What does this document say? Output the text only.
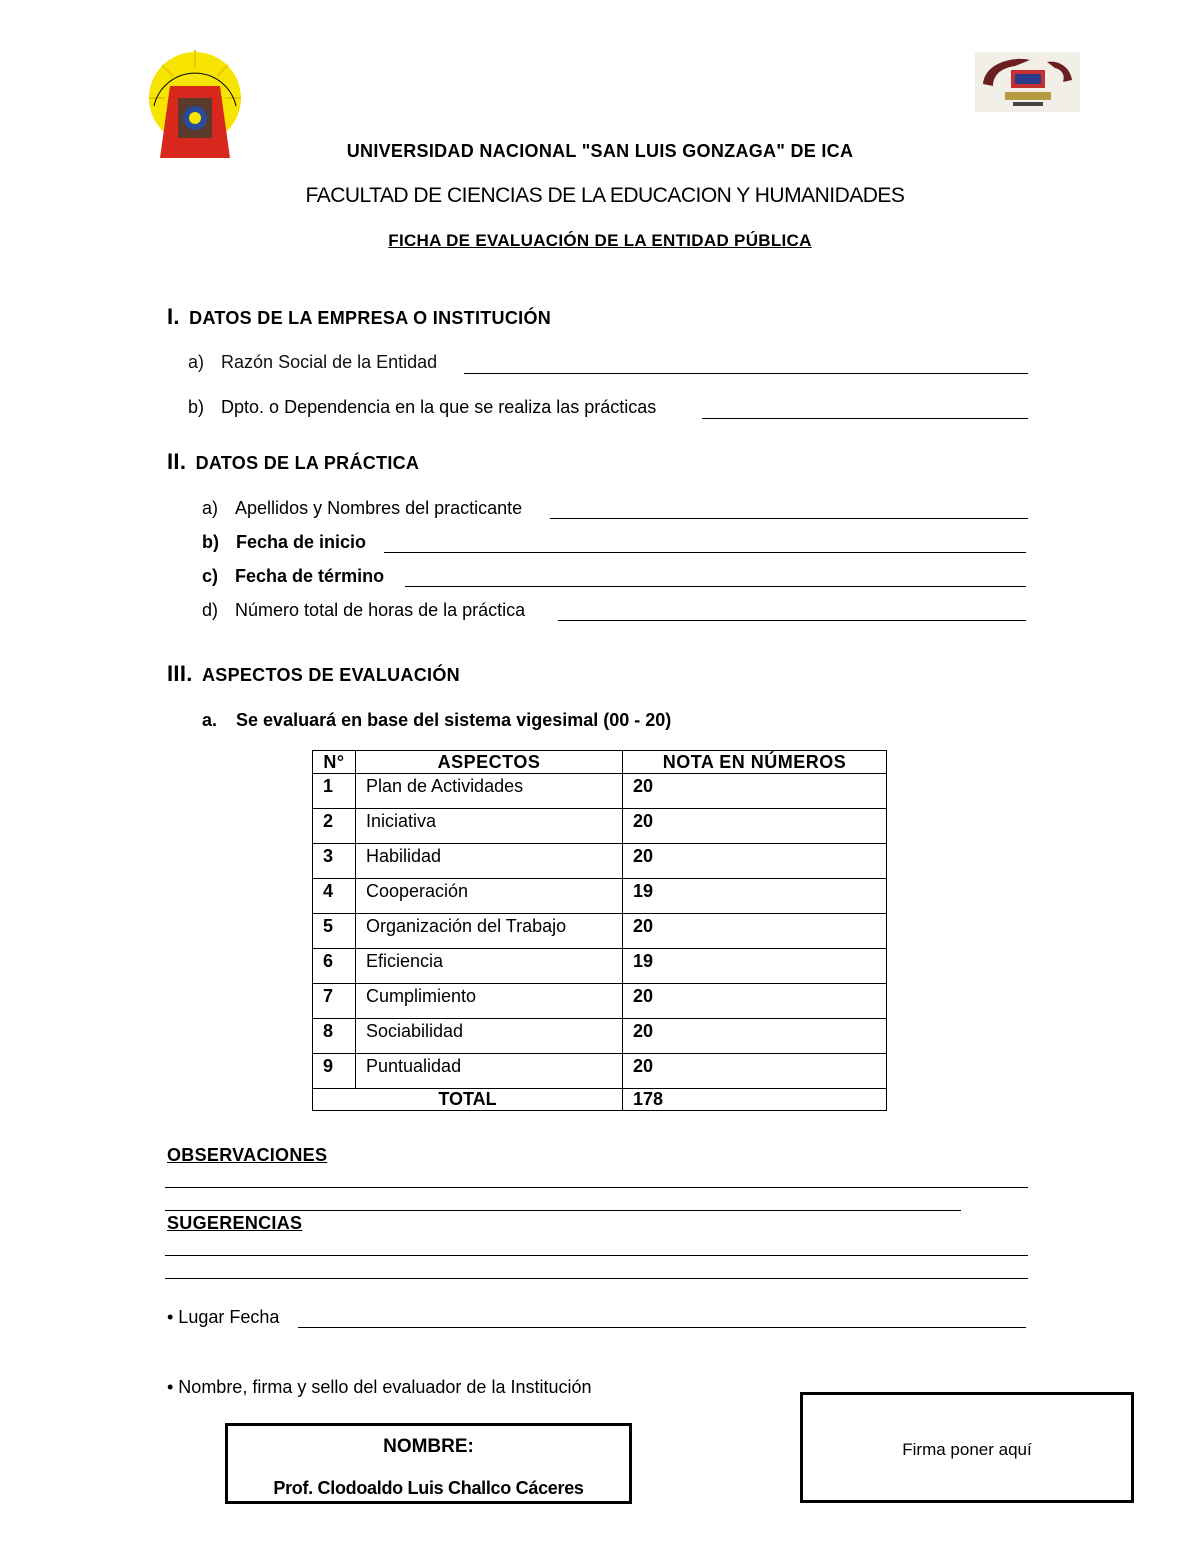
UNIVERSIDAD NACIONAL "SAN LUIS GONZAGA" DE ICA
FACULTAD DE CIENCIAS DE LA EDUCACION Y HUMANIDADES
FICHA DE EVALUACIÓN DE LA ENTIDAD PÚBLICA
I. DATOS DE LA EMPRESA O INSTITUCIÓN
a) Razón Social de la Entidad
b) Dpto. o Dependencia en la que se realiza las prácticas
II. DATOS DE LA PRÁCTICA
a) Apellidos y Nombres del practicante
b) Fecha de inicio
c) Fecha de término
d) Número total de horas de la práctica
III. ASPECTOS DE EVALUACIÓN
a. Se evaluará en base del sistema vigesimal (00 - 20)
N°	ASPECTOS	NOTA EN NÚMEROS
1	Plan de Actividades	20
2	Iniciativa	20
3	Habilidad	20
4	Cooperación	19
5	Organización del Trabajo	20
6	Eficiencia	19
7	Cumplimiento	20
8	Sociabilidad	20
9	Puntualidad	20
TOTAL		178
OBSERVACIONES
SUGERENCIAS
• Lugar Fecha
• Nombre, firma y sello del evaluador de la Institución
NOMBRE:
Prof. Clodoaldo Luis Challco Cáceres
Firma poner aquí
